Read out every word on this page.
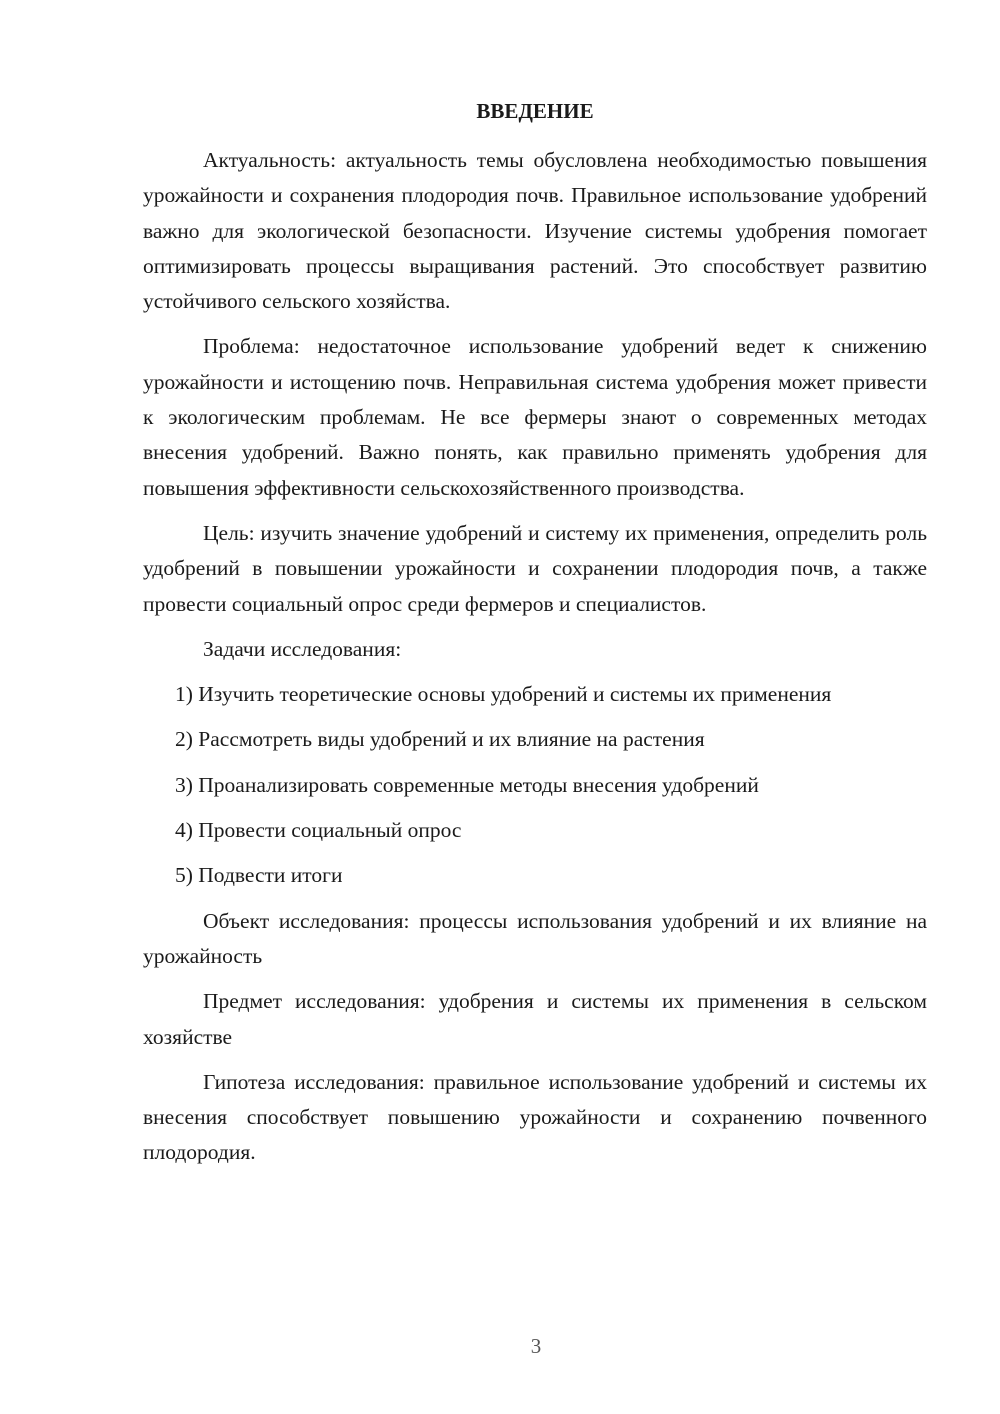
ВВЕДЕНИЕ

Актуальность: актуальность темы обусловлена необходимостью повышения урожайности и сохранения плодородия почв. Правильное использование удобрений важно для экологической безопасности. Изучение системы удобрения помогает оптимизировать процессы выращивания растений. Это способствует развитию устойчивого сельского хозяйства.

Проблема: недостаточное использование удобрений ведет к снижению урожайности и истощению почв. Неправильная система удобрения может привести к экологическим проблемам. Не все фермеры знают о современных методах внесения удобрений. Важно понять, как правильно применять удобрения для повышения эффективности сельскохозяйственного производства.

Цель: изучить значение удобрений и систему их применения, определить роль удобрений в повышении урожайности и сохранении плодородия почв, а также провести социальный опрос среди фермеров и специалистов.

Задачи исследования:

1) Изучить теоретические основы удобрений и системы их применения
2) Рассмотреть виды удобрений и их влияние на растения
3) Проанализировать современные методы внесения удобрений
4) Провести социальный опрос
5) Подвести итоги

Объект исследования: процессы использования удобрений и их влияние на урожайность

Предмет исследования: удобрения и системы их применения в сельском хозяйстве

Гипотеза исследования: правильное использование удобрений и системы их внесения способствует повышению урожайности и сохранению почвенного плодородия.

3
